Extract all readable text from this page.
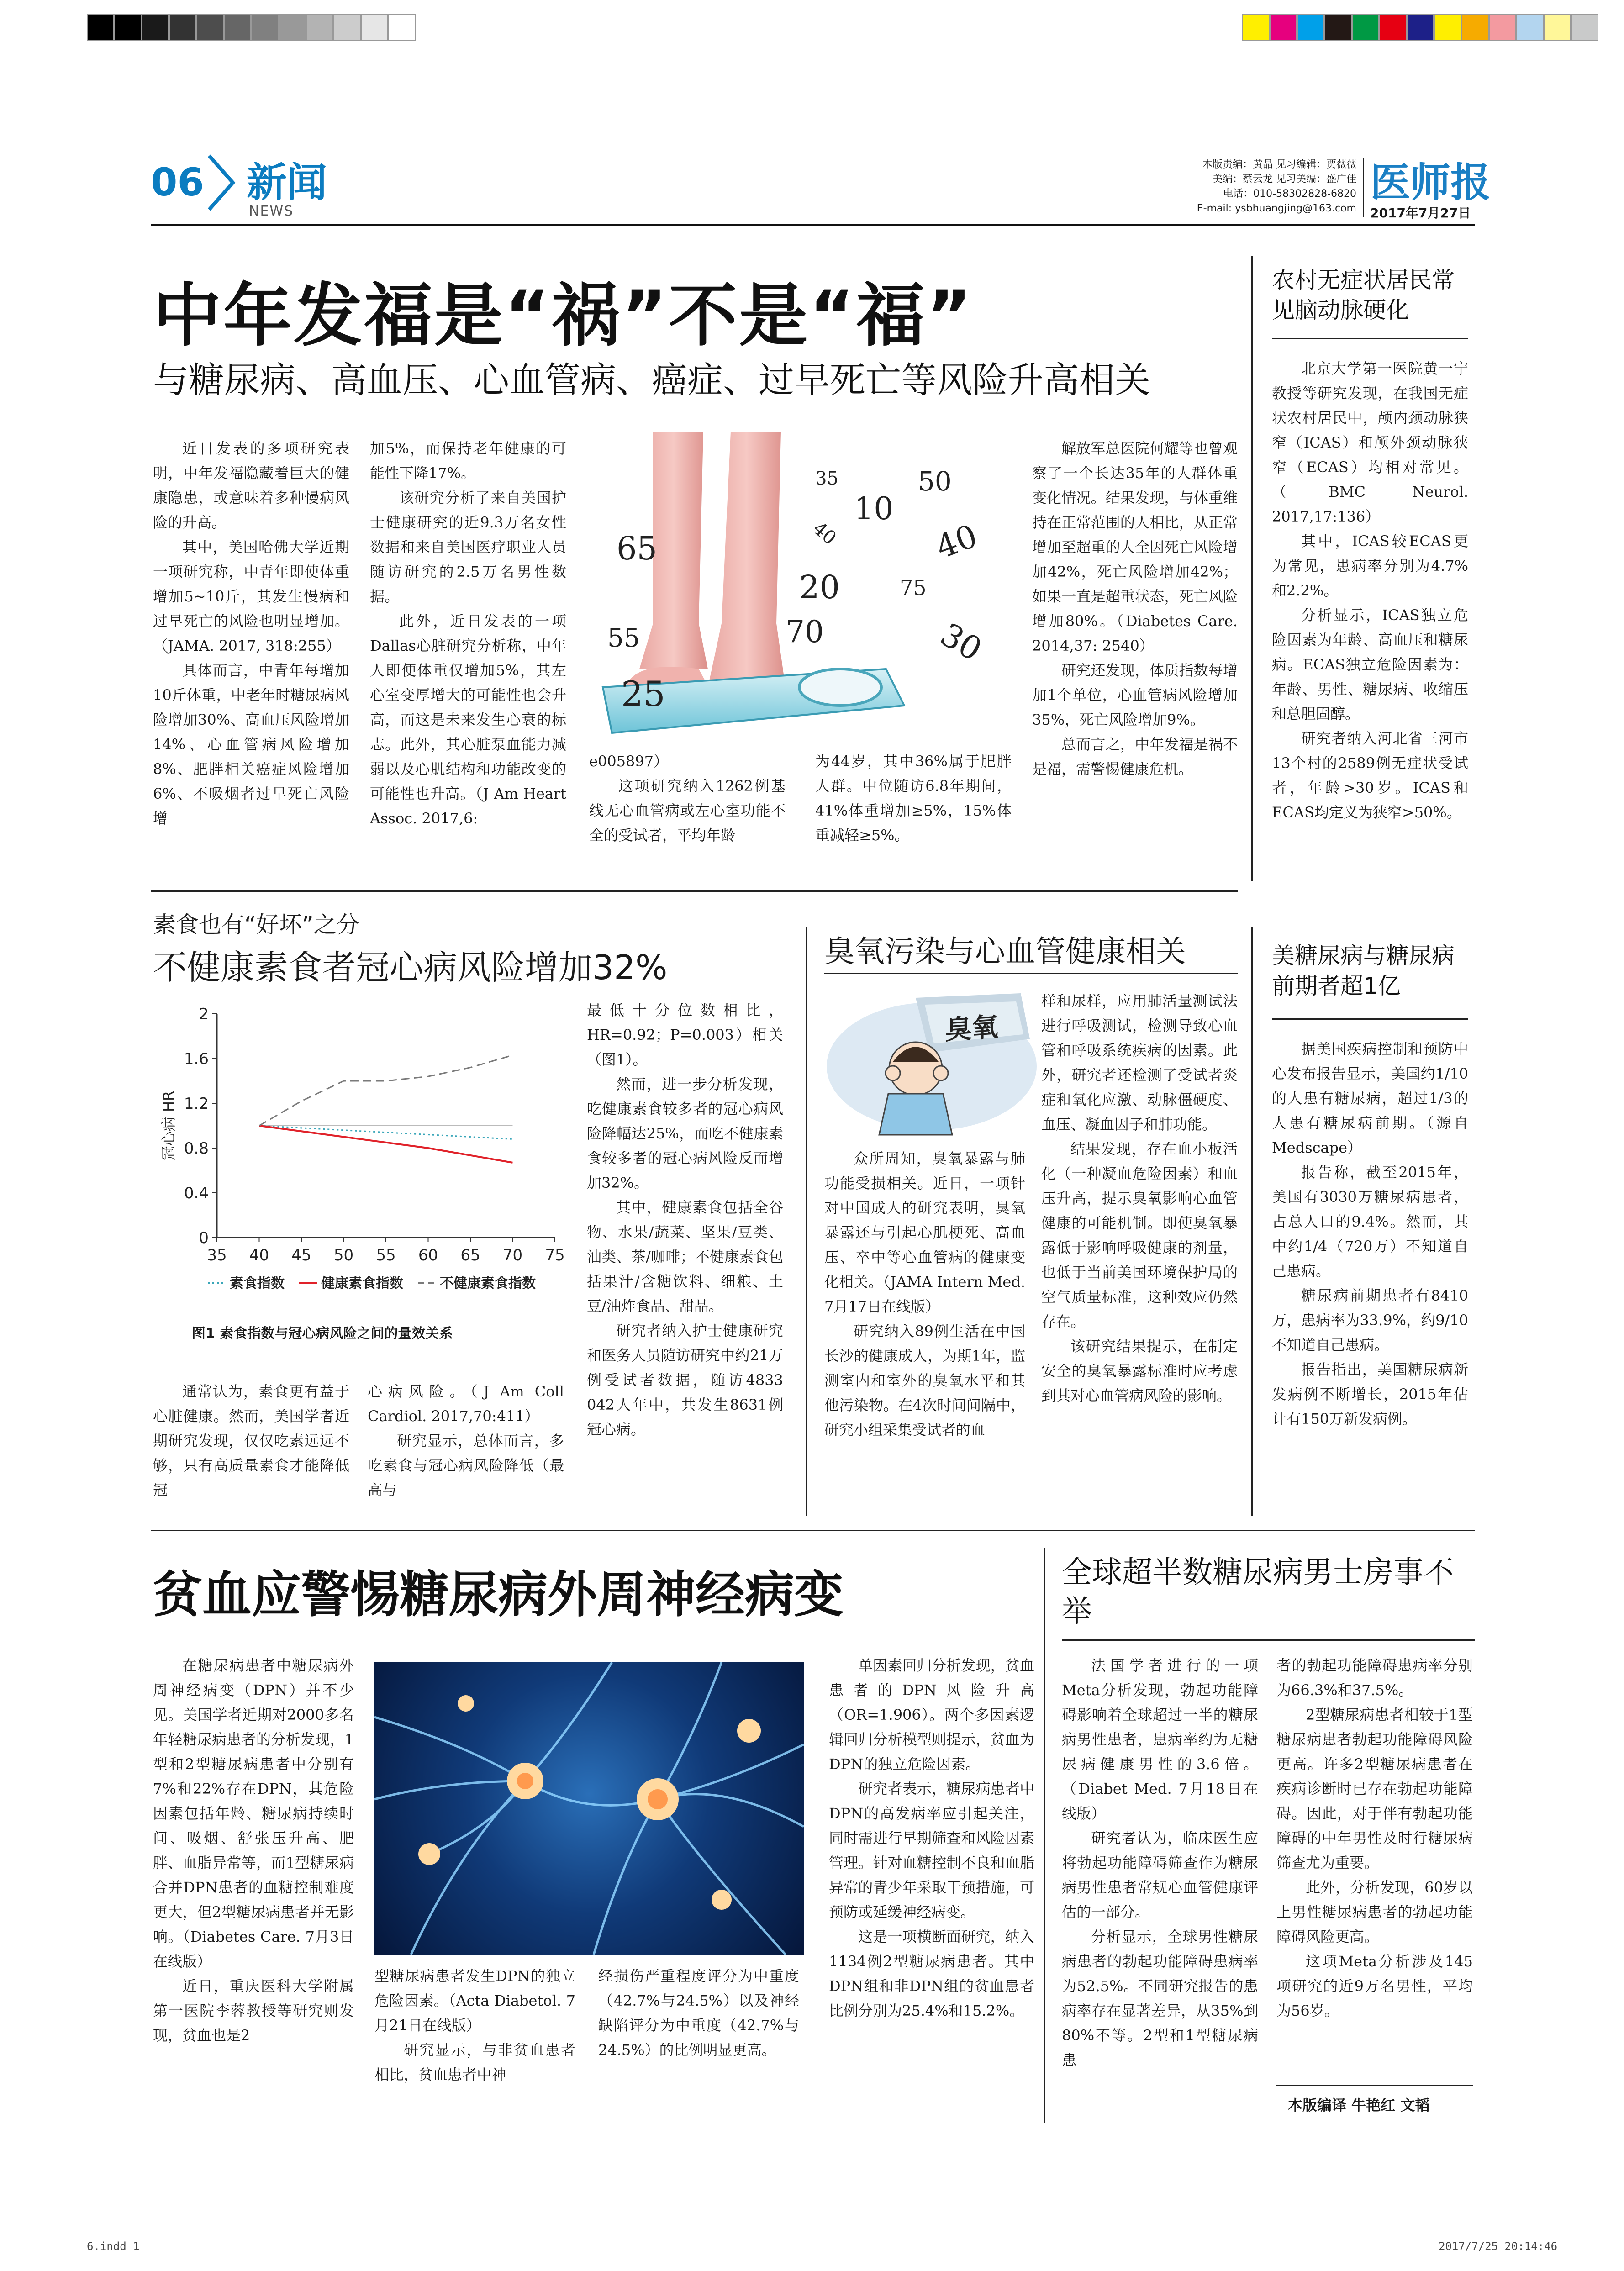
06 新闻
NEWS
本版责编：黄晶 见习编辑：贾薇薇
美编：蔡云龙 见习美编：盛广佳
电话：010-58302828-6820
E-mail: ysbhuangjing@163.com
医师报
2017年7月27日
中年发福是“祸”不是“福”
与糖尿病、高血压、心血管病、癌症、过早死亡等风险升高相关

近日发表的多项研究表明，中年发福隐藏着巨大的健康隐患，或意味着多种慢病风险的升高。

其中，美国哈佛大学近期一项研究称，中青年即使体重增加5~10斤，其发生慢病和过早死亡的风险也明显增加。（JAMA. 2017, 318:255）

具体而言，中青年每增加10斤体重，中老年时糖尿病风险增加30%、高血压风险增加14%、心血管病风险增加8%、肥胖相关癌症风险增加6%、不吸烟者过早死亡风险增

加5%，而保持老年健康的可能性下降17%。

该研究分析了来自美国护士健康研究的近9.3万名女性数据和来自美国医疗职业人员随访研究的2.5万名男性数据。

此外，近日发表的一项Dallas心脏研究分析称，中年人即便体重仅增加5%，其左心室变厚增大的可能性也会升高，而这是未来发生心衰的标志。此外，其心脏泵血能力减弱以及心肌结构和功能改变的可能性也升高。（J Am Heart Assoc. 2017,6:

35
10
50
65	40
40
20	75
55	70	30
25

e005897）

这项研究纳入1262例基线无心血管病或左心室功能不全的受试者，平均年龄

为44岁，其中36%属于肥胖人群。中位随访6.8年期间，41%体重增加≥5%，15%体重减轻≥5%。

解放军总医院何耀等也曾观察了一个长达35年的人群体重变化情况。结果发现，与体重维持在正常范围的人相比，从正常增加至超重的人全因死亡风险增加42%，死亡风险增加42%；如果一直是超重状态，死亡风险增加80%。（Diabetes Care. 2014,37: 2540）

研究还发现，体质指数每增加1个单位，心血管病风险增加35%，死亡风险增加9%。

总而言之，中年发福是祸不是福，需警惕健康危机。

农村无症状居民常见脑动脉硬化

北京大学第一医院黄一宁教授等研究发现，在我国无症状农村居民中，颅内颈动脉狭窄（ICAS）和颅外颈动脉狭窄（ECAS）均相对常见。（BMC Neurol. 2017,17:136）

其中，ICAS较ECAS更为常见，患病率分别为4.7%和2.2%。

分析显示，ICAS独立危险因素为年龄、高血压和糖尿病。ECAS独立危险因素为：年龄、男性、糖尿病、收缩压和总胆固醇。

研究者纳入河北省三河市13个村的2589例无症状受试者，年龄>30岁。ICAS和ECAS均定义为狭窄>50%。

素食也有“好坏”之分
不健康素食者冠心病风险增加32%
0
0.4
0.8
1.2
1.6
2
35 40 45 50 55 60 65 70 75
冠心病 HR
素食指数	健康素食指数	不健康素食指数
图1 素食指数与冠心病风险之间的量效关系

最低十分位数相比，HR=0.92；P=0.003）相关（图1）。

然而，进一步分析发现，吃健康素食较多者的冠心病风险降幅达25%，而吃不健康素食较多者的冠心病风险反而增加32%。

其中，健康素食包括全谷物、水果/蔬菜、坚果/豆类、油类、茶/咖啡；不健康素食包括果汁/含糖饮料、细粮、土豆/油炸食品、甜品。

研究者纳入护士健康研究和医务人员随访研究中约21万例受试者数据，随访4833 042人年中，共发生8631例冠心病。

通常认为，素食更有益于心脏健康。然而，美国学者近期研究发现，仅仅吃素远远不够，只有高质量素食才能降低冠

心病风险。（J Am Coll Cardiol. 2017,70:411）

研究显示，总体而言，多吃素食与冠心病风险降低（最高与

臭氧污染与心血管健康相关
臭氧

众所周知，臭氧暴露与肺功能受损相关。近日，一项针对中国成人的研究表明，臭氧暴露还与引起心肌梗死、高血压、卒中等心血管病的健康变化相关。（JAMA Intern Med. 7月17日在线版）

研究纳入89例生活在中国长沙的健康成人，为期1年，监测室内和室外的臭氧水平和其他污染物。在4次时间间隔中，研究小组采集受试者的血

样和尿样，应用肺活量测试法进行呼吸测试，检测导致心血管和呼吸系统疾病的因素。此外，研究者还检测了受试者炎症和氧化应激、动脉僵硬度、血压、凝血因子和肺功能。

结果发现，存在血小板活化（一种凝血危险因素）和血压升高，提示臭氧影响心血管健康的可能机制。即使臭氧暴露低于影响呼吸健康的剂量，也低于当前美国环境保护局的空气质量标准，这种效应仍然存在。

该研究结果提示，在制定安全的臭氧暴露标准时应考虑到其对心血管病风险的影响。

美糖尿病与糖尿病前期者超1亿

据美国疾病控制和预防中心发布报告显示，美国约1/10的人患有糖尿病，超过1/3的人患有糖尿病前期。（源自Medscape）

报告称，截至2015年，美国有3030万糖尿病患者，占总人口的9.4%。然而，其中约1/4（720万）不知道自己患病。

糖尿病前期患者有8410万，患病率为33.9%，约9/10不知道自己患病。

报告指出，美国糖尿病新发病例不断增长，2015年估计有150万新发病例。

贫血应警惕糖尿病外周神经病变

在糖尿病患者中糖尿病外周神经病变（DPN）并不少见。美国学者近期对2000多名年轻糖尿病患者的分析发现，1型和2型糖尿病患者中分别有7%和22%存在DPN，其危险因素包括年龄、糖尿病持续时间、吸烟、舒张压升高、肥胖、血脂异常等，而1型糖尿病合并DPN患者的血糖控制难度更大，但2型糖尿病患者并无影响。（Diabetes Care. 7月3日在线版）

近日，重庆医科大学附属第一医院李蓉教授等研究则发现，贫血也是2

型糖尿病患者发生DPN的独立危险因素。（Acta Diabetol. 7月21日在线版）

研究显示，与非贫血患者相比，贫血患者中神

经损伤严重程度评分为中重度（42.7%与24.5%）以及神经缺陷评分为中重度（42.7%与24.5%）的比例明显更高。

单因素回归分析发现，贫血患者的DPN风险升高（OR=1.906）。两个多因素逻辑回归分析模型则提示，贫血为DPN的独立危险因素。

研究者表示，糖尿病患者中DPN的高发病率应引起关注，同时需进行早期筛查和风险因素管理。针对血糖控制不良和血脂异常的青少年采取干预措施，可预防或延缓神经病变。

这是一项横断面研究，纳入1134例2型糖尿病患者。其中DPN组和非DPN组的贫血患者比例分别为25.4%和15.2%。

全球超半数糖尿病男士房事不举

法国学者进行的一项Meta分析发现，勃起功能障碍影响着全球超过一半的糖尿病男性患者，患病率约为无糖尿病健康男性的3.6倍。（Diabet Med. 7月18日在线版）

研究者认为，临床医生应将勃起功能障碍筛查作为糖尿病男性患者常规心血管健康评估的一部分。

分析显示，全球男性糖尿病患者的勃起功能障碍患病率为52.5%。不同研究报告的患病率存在显著差异，从35%到80%不等。2型和1型糖尿病患

者的勃起功能障碍患病率分别为66.3%和37.5%。

2型糖尿病患者相较于1型糖尿病患者勃起功能障碍风险更高。许多2型糖尿病患者在疾病诊断时已存在勃起功能障碍。因此，对于伴有勃起功能障碍的中年男性及时行糖尿病筛查尤为重要。

此外，分析发现，60岁以上男性糖尿病患者的勃起功能障碍风险更高。

这项Meta分析涉及145项研究的近9万名男性，平均为56岁。

本版编译 牛艳红 文韬
6.indd 1	2017/7/25 20:14:46
